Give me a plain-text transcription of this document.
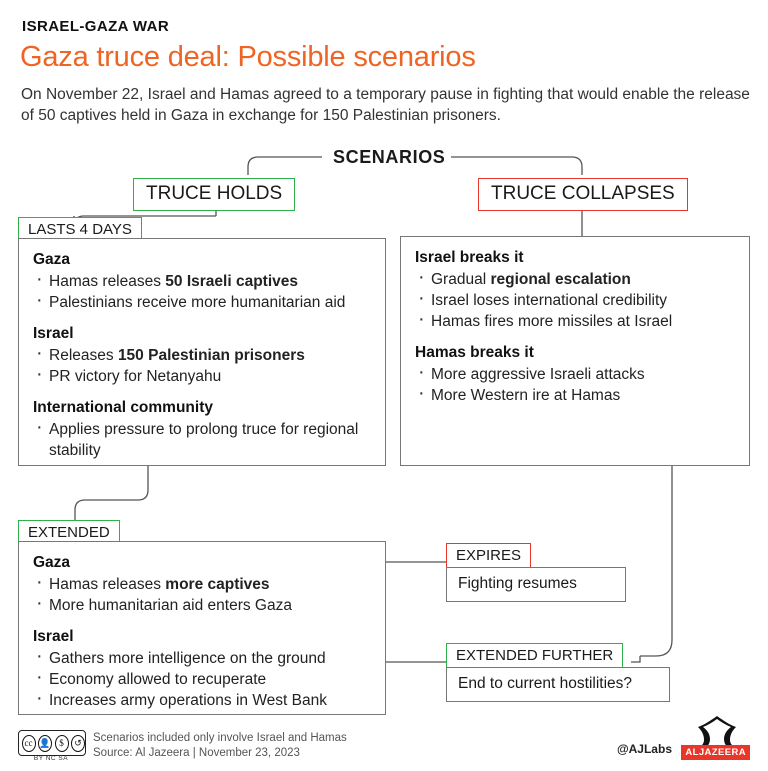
ISRAEL-GAZA WAR
Gaza truce deal: Possible scenarios
On November 22, Israel and Hamas agreed to a temporary pause in fighting that would enable the release of 50 captives held in Gaza in exchange for 150 Palestinian prisoners.
SCENARIOS
TRUCE HOLDS	TRUCE COLLAPSES
LASTS 4 DAYS
EXTENDED
EXPIRES
EXTENDED FURTHER
Gaza
· Hamas releases 50 Israeli captives
· Palestinians receive more humanitarian aid
Israel
· Releases 150 Palestinian prisoners
· PR victory for Netanyahu
International community
· Applies pressure to prolong truce for regional stability
Israel breaks it
· Gradual regional escalation
· Israel loses international credibility
· Hamas fires more missiles at Israel
Hamas breaks it
· More aggressive Israeli attacks
· More Western ire at Hamas
Gaza
· Hamas releases more captives
· More humanitarian aid enters Gaza
Israel
· Gathers more intelligence on the ground
· Economy allowed to recuperate
· Increases army operations in West Bank
Fighting resumes
End to current hostilities?
cc 👤 $	↺
BY NC SA
Scenarios included only involve Israel and Hamas
Source: Al Jazeera | November 23, 2023	@AJLabs	ALJAZEERA
